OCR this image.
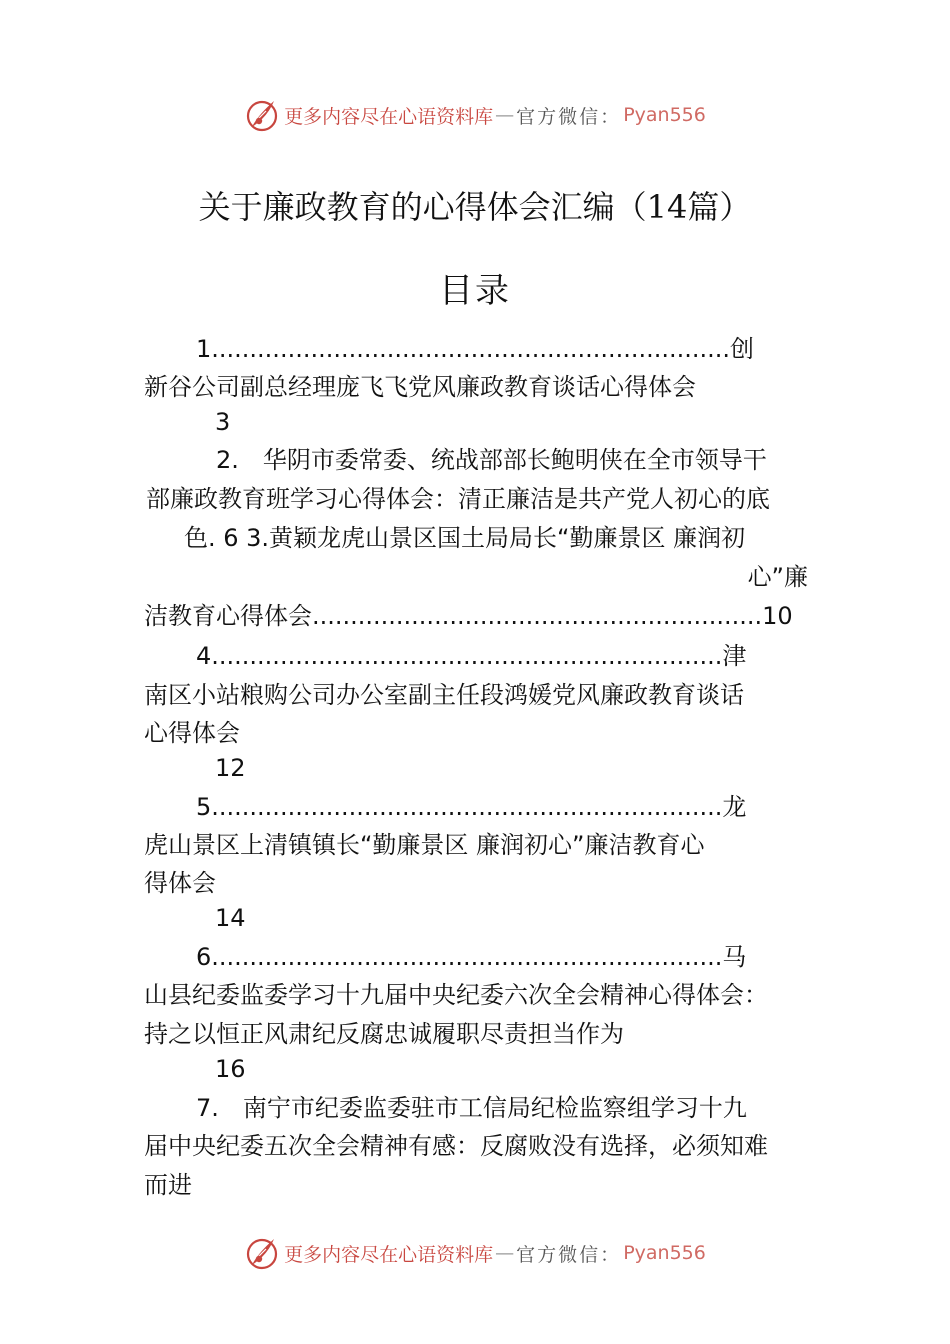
更多内容尽在心语资料库 — 官方微信： Pyan556
关于廉政教育的心得体会汇编（14篇）
目录
1....................................................................创
新谷公司副总经理庞飞飞党风廉政教育谈话心得体会
3
2.　华阴市委常委、统战部部长鲍明侠在全市领导干
部廉政教育班学习心得体会：清正廉洁是共产党人初心的底
色. 6 3.黄颖龙虎山景区国土局局长“勤廉景区 廉润初
心”廉
洁教育心得体会...........................................................10
4...................................................................津
南区小站粮购公司办公室副主任段鸿媛党风廉政教育谈话
心得体会
12
5...................................................................龙
虎山景区上清镇镇长“勤廉景区 廉润初心”廉洁教育心
得体会
14
6...................................................................马
山县纪委监委学习十九届中央纪委六次全会精神心得体会：
持之以恒正风肃纪反腐忠诚履职尽责担当作为
16
7.　南宁市纪委监委驻市工信局纪检监察组学习十九
届中央纪委五次全会精神有感：反腐败没有选择，必须知难
而进
更多内容尽在心语资料库 — 官方微信： Pyan556
